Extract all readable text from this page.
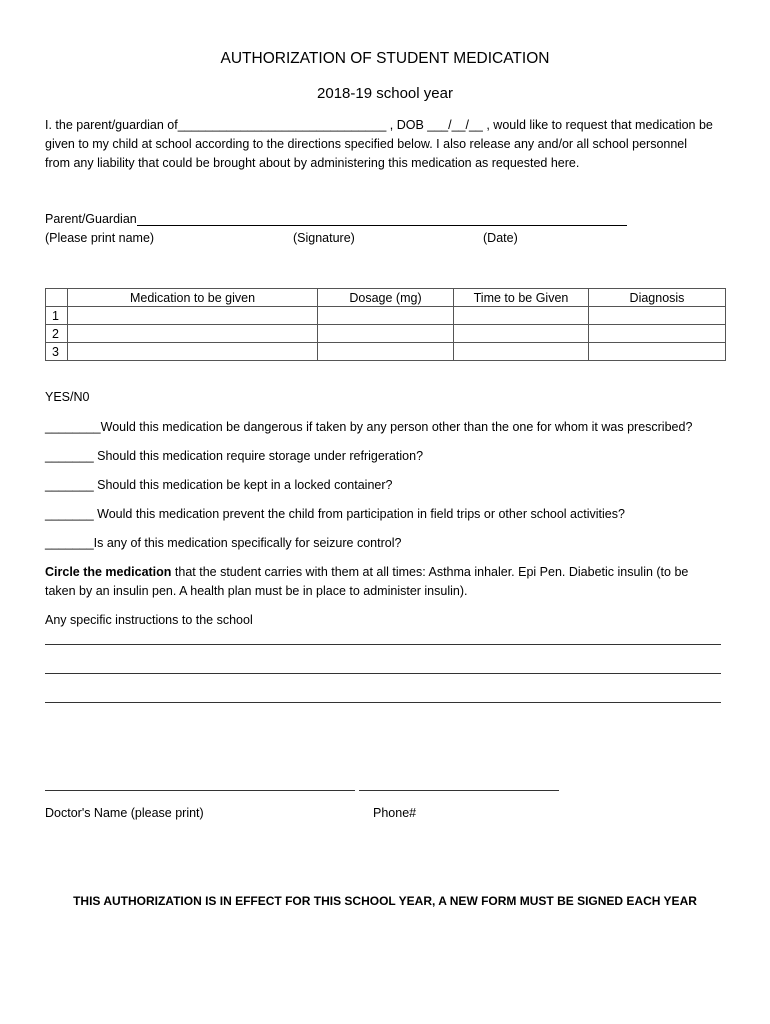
AUTHORIZATION OF STUDENT MEDICATION
2018-19 school year

I. the parent/guardian of______________________________ , DOB ___/__/__ , would like to request that medication be

given to my child at school according to the directions specified below. I also release any and/or all school personnel

from any liability that could be brought about by administering this medication as requested here.

Parent/Guardian
(Please print name)	(Signature)	(Date)
	Medication to be given	Dosage (mg)	Time to be Given	Diagnosis
1				
2				
3				
YES/N0
________Would this medication be dangerous if taken by any person other than the one for whom it was prescribed?
_______ Should this medication require storage under refrigeration?
_______ Should this medication be kept in a locked container?
_______ Would this medication prevent the child from participation in field trips or other school activities?
_______Is any of this medication specifically for seizure control?
Circle the medication that the student carries with them at all times: Asthma inhaler. Epi Pen. Diabetic insulin (to be
taken by an insulin pen. A health plan must be in place to administer insulin).
Any specific instructions to the school
Doctor's Name (please print)	Phone#
THIS AUTHORIZATION IS IN EFFECT FOR THIS SCHOOL YEAR, A NEW FORM MUST BE SIGNED EACH YEAR
